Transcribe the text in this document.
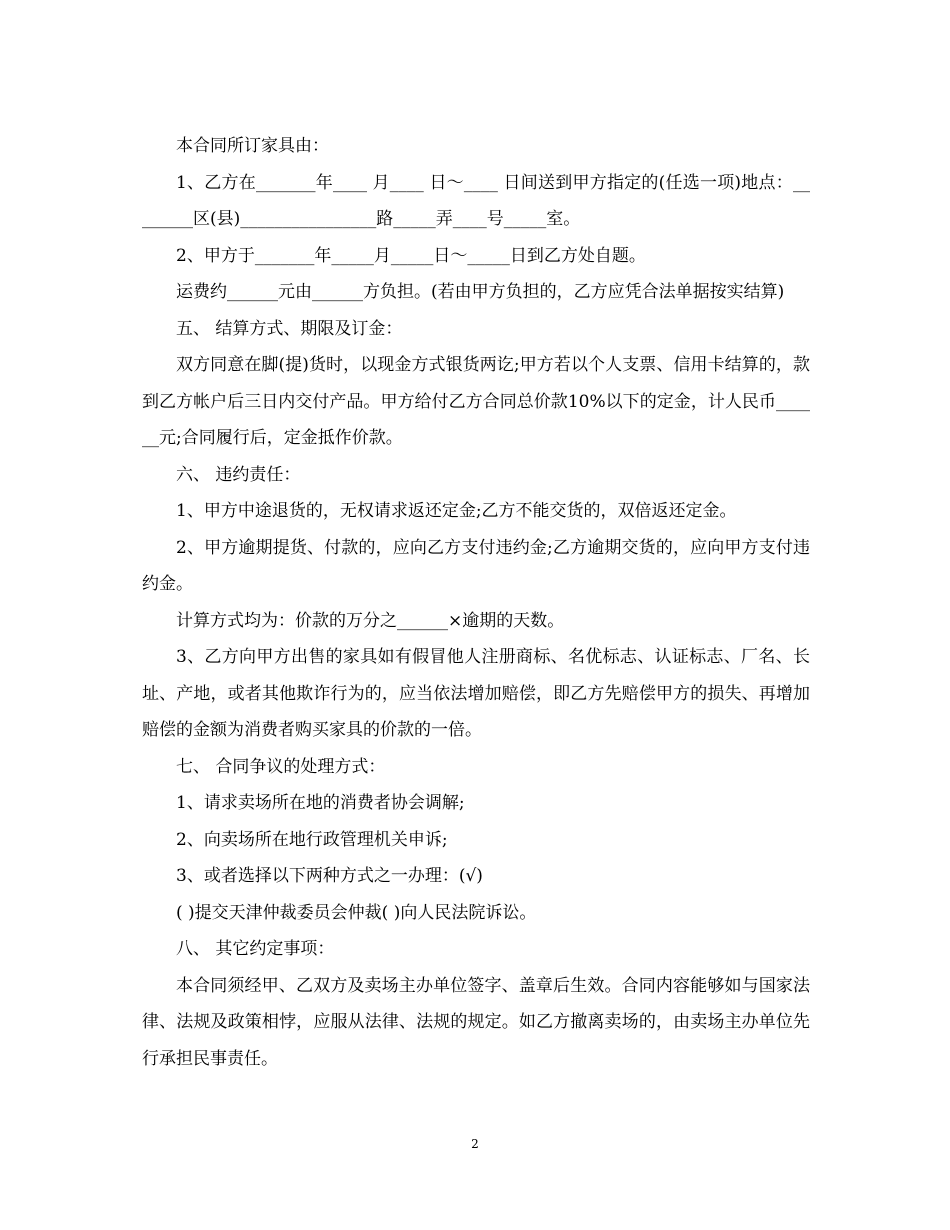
本合同所订家具由：

1、乙方在_______年____ 月____ 日～____ 日间送到甲方指定的(任选一项)地点：________区(县)________________路_____弄____号_____室。

2、甲方于_______年_____月_____日～_____日到乙方处自题。

运费约______元由______方负担。(若由甲方负担的，乙方应凭合法单据按实结算)

五、 结算方式、期限及订金：

双方同意在脚(提)货时，以现金方式银货两讫;甲方若以个人支票、信用卡结算的，款到乙方帐户后三日内交付产品。甲方给付乙方合同总价款10%以下的定金，计人民币______元;合同履行后，定金抵作价款。

六、 违约责任：

1、甲方中途退货的，无权请求返还定金;乙方不能交货的，双倍返还定金。

2、甲方逾期提货、付款的，应向乙方支付违约金;乙方逾期交货的，应向甲方支付违约金。

计算方式均为：价款的万分之______×逾期的天数。

3、乙方向甲方出售的家具如有假冒他人注册商标、名优标志、认证标志、厂名、长址、产地，或者其他欺诈行为的，应当依法增加赔偿，即乙方先赔偿甲方的损失、再增加赔偿的金额为消费者购买家具的价款的一倍。

七、 合同争议的处理方式：

1、请求卖场所在地的消费者协会调解;

2、向卖场所在地行政管理机关申诉;

3、或者选择以下两种方式之一办理：(√)

( )提交天津仲裁委员会仲裁( )向人民法院诉讼。

八、 其它约定事项：

本合同须经甲、乙双方及卖场主办单位签字、盖章后生效。合同内容能够如与国家法律、法规及政策相悖，应服从法律、法规的规定。如乙方撤离卖场的，由卖场主办单位先行承担民事责任。

2
